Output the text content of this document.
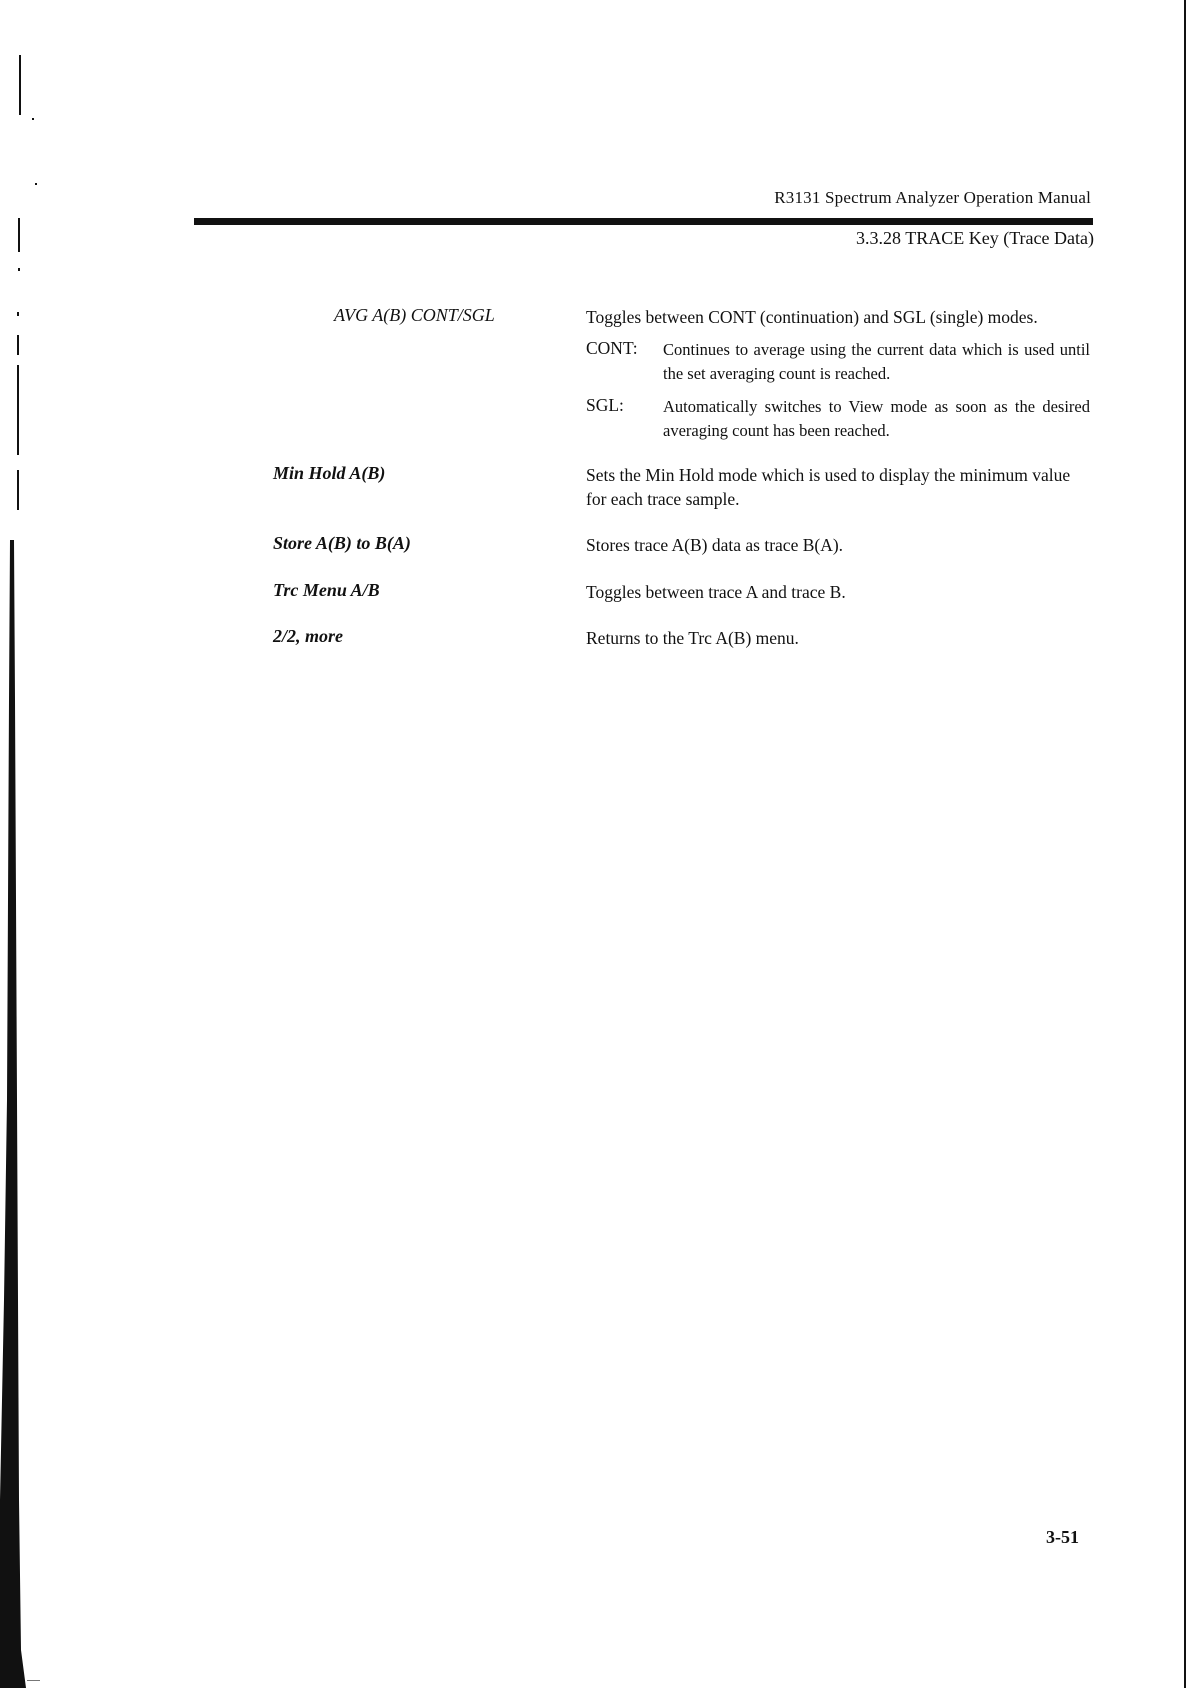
R3131 Spectrum Analyzer Operation Manual
3.3.28 TRACE Key (Trace Data)
AVG A(B) CONT/SGL	Toggles between CONT (continuation) and SGL (single) modes.
CONT: Continues to average using the current data which is used until the set averaging count is reached.
SGL: Automatically switches to View mode as soon as the desired averaging count has been reached.
Min Hold A(B)	Sets the Min Hold mode which is used to display the minimum value for each trace sample.
Store A(B) to B(A)	Stores trace A(B) data as trace B(A).
Trc Menu A/B	Toggles between trace A and trace B.
2/2, more	Returns to the Trc A(B) menu.
3-51
